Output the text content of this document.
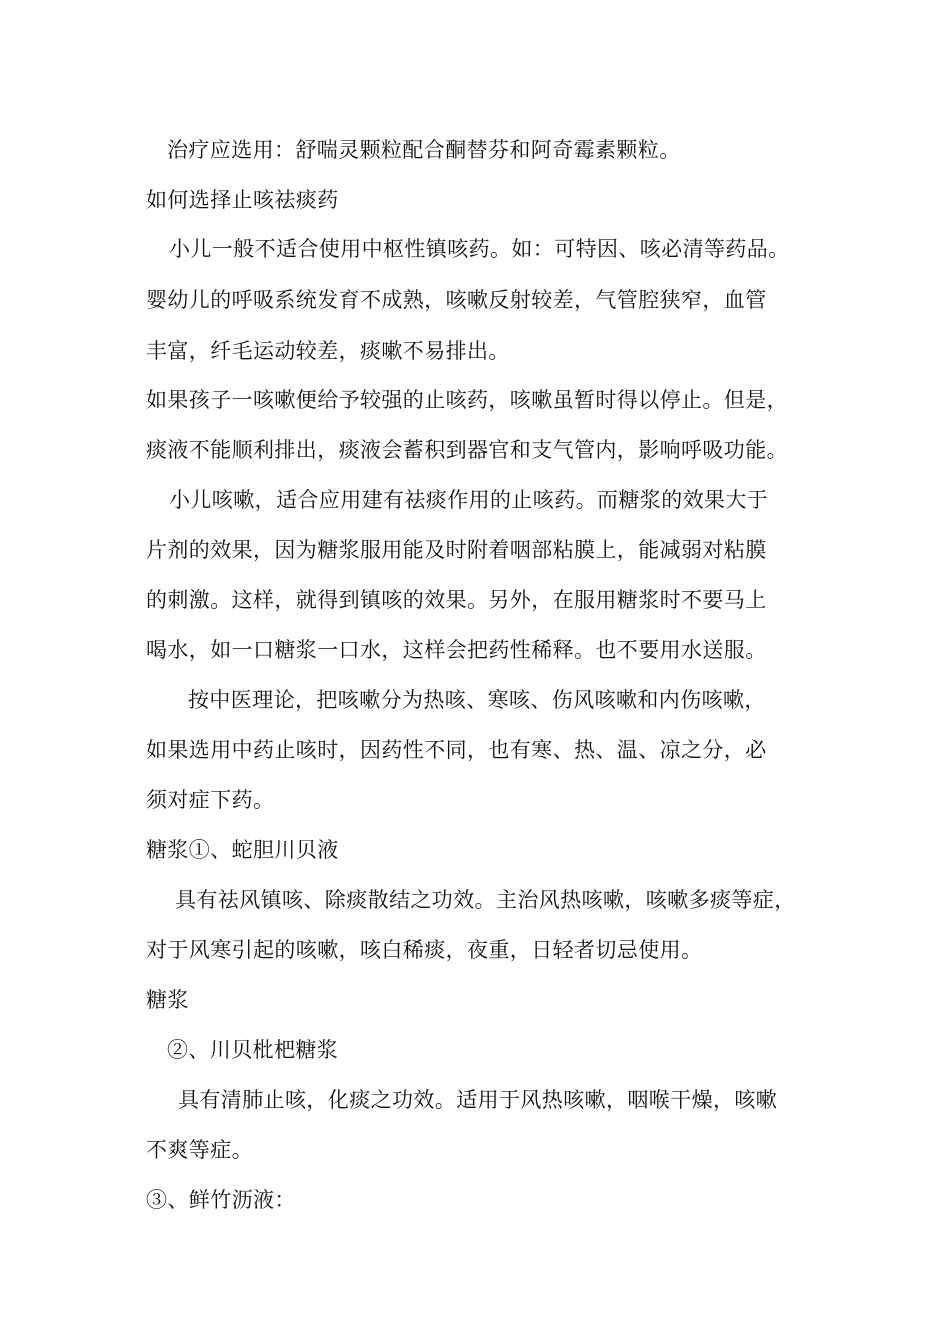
治疗应选用：舒喘灵颗粒配合酮替芬和阿奇霉素颗粒。
如何选择止咳祛痰药
小儿一般不适合使用中枢性镇咳药。如：可特因、咳必清等药品。
婴幼儿的呼吸系统发育不成熟，咳嗽反射较差，气管腔狭窄，血管
丰富，纤毛运动较差，痰嗽不易排出。
如果孩子一咳嗽便给予较强的止咳药，咳嗽虽暂时得以停止。但是，
痰液不能顺利排出，痰液会蓄积到器官和支气管内，影响呼吸功能。
小儿咳嗽，适合应用建有祛痰作用的止咳药。而糖浆的效果大于
片剂的效果，因为糖浆服用能及时附着咽部粘膜上，能减弱对粘膜
的刺激。这样，就得到镇咳的效果。另外，在服用糖浆时不要马上
喝水，如一口糖浆一口水，这样会把药性稀释。也不要用水送服。
按中医理论，把咳嗽分为热咳、寒咳、伤风咳嗽和内伤咳嗽，
如果选用中药止咳时，因药性不同，也有寒、热、温、凉之分，必
须对症下药。
糖浆①、蛇胆川贝液
具有祛风镇咳、除痰散结之功效。主治风热咳嗽，咳嗽多痰等症，
对于风寒引起的咳嗽，咳白稀痰，夜重，日轻者切忌使用。
糖浆
②、川贝枇杷糖浆
具有清肺止咳，化痰之功效。适用于风热咳嗽，咽喉干燥，咳嗽
不爽等症。
③、鲜竹沥液：
